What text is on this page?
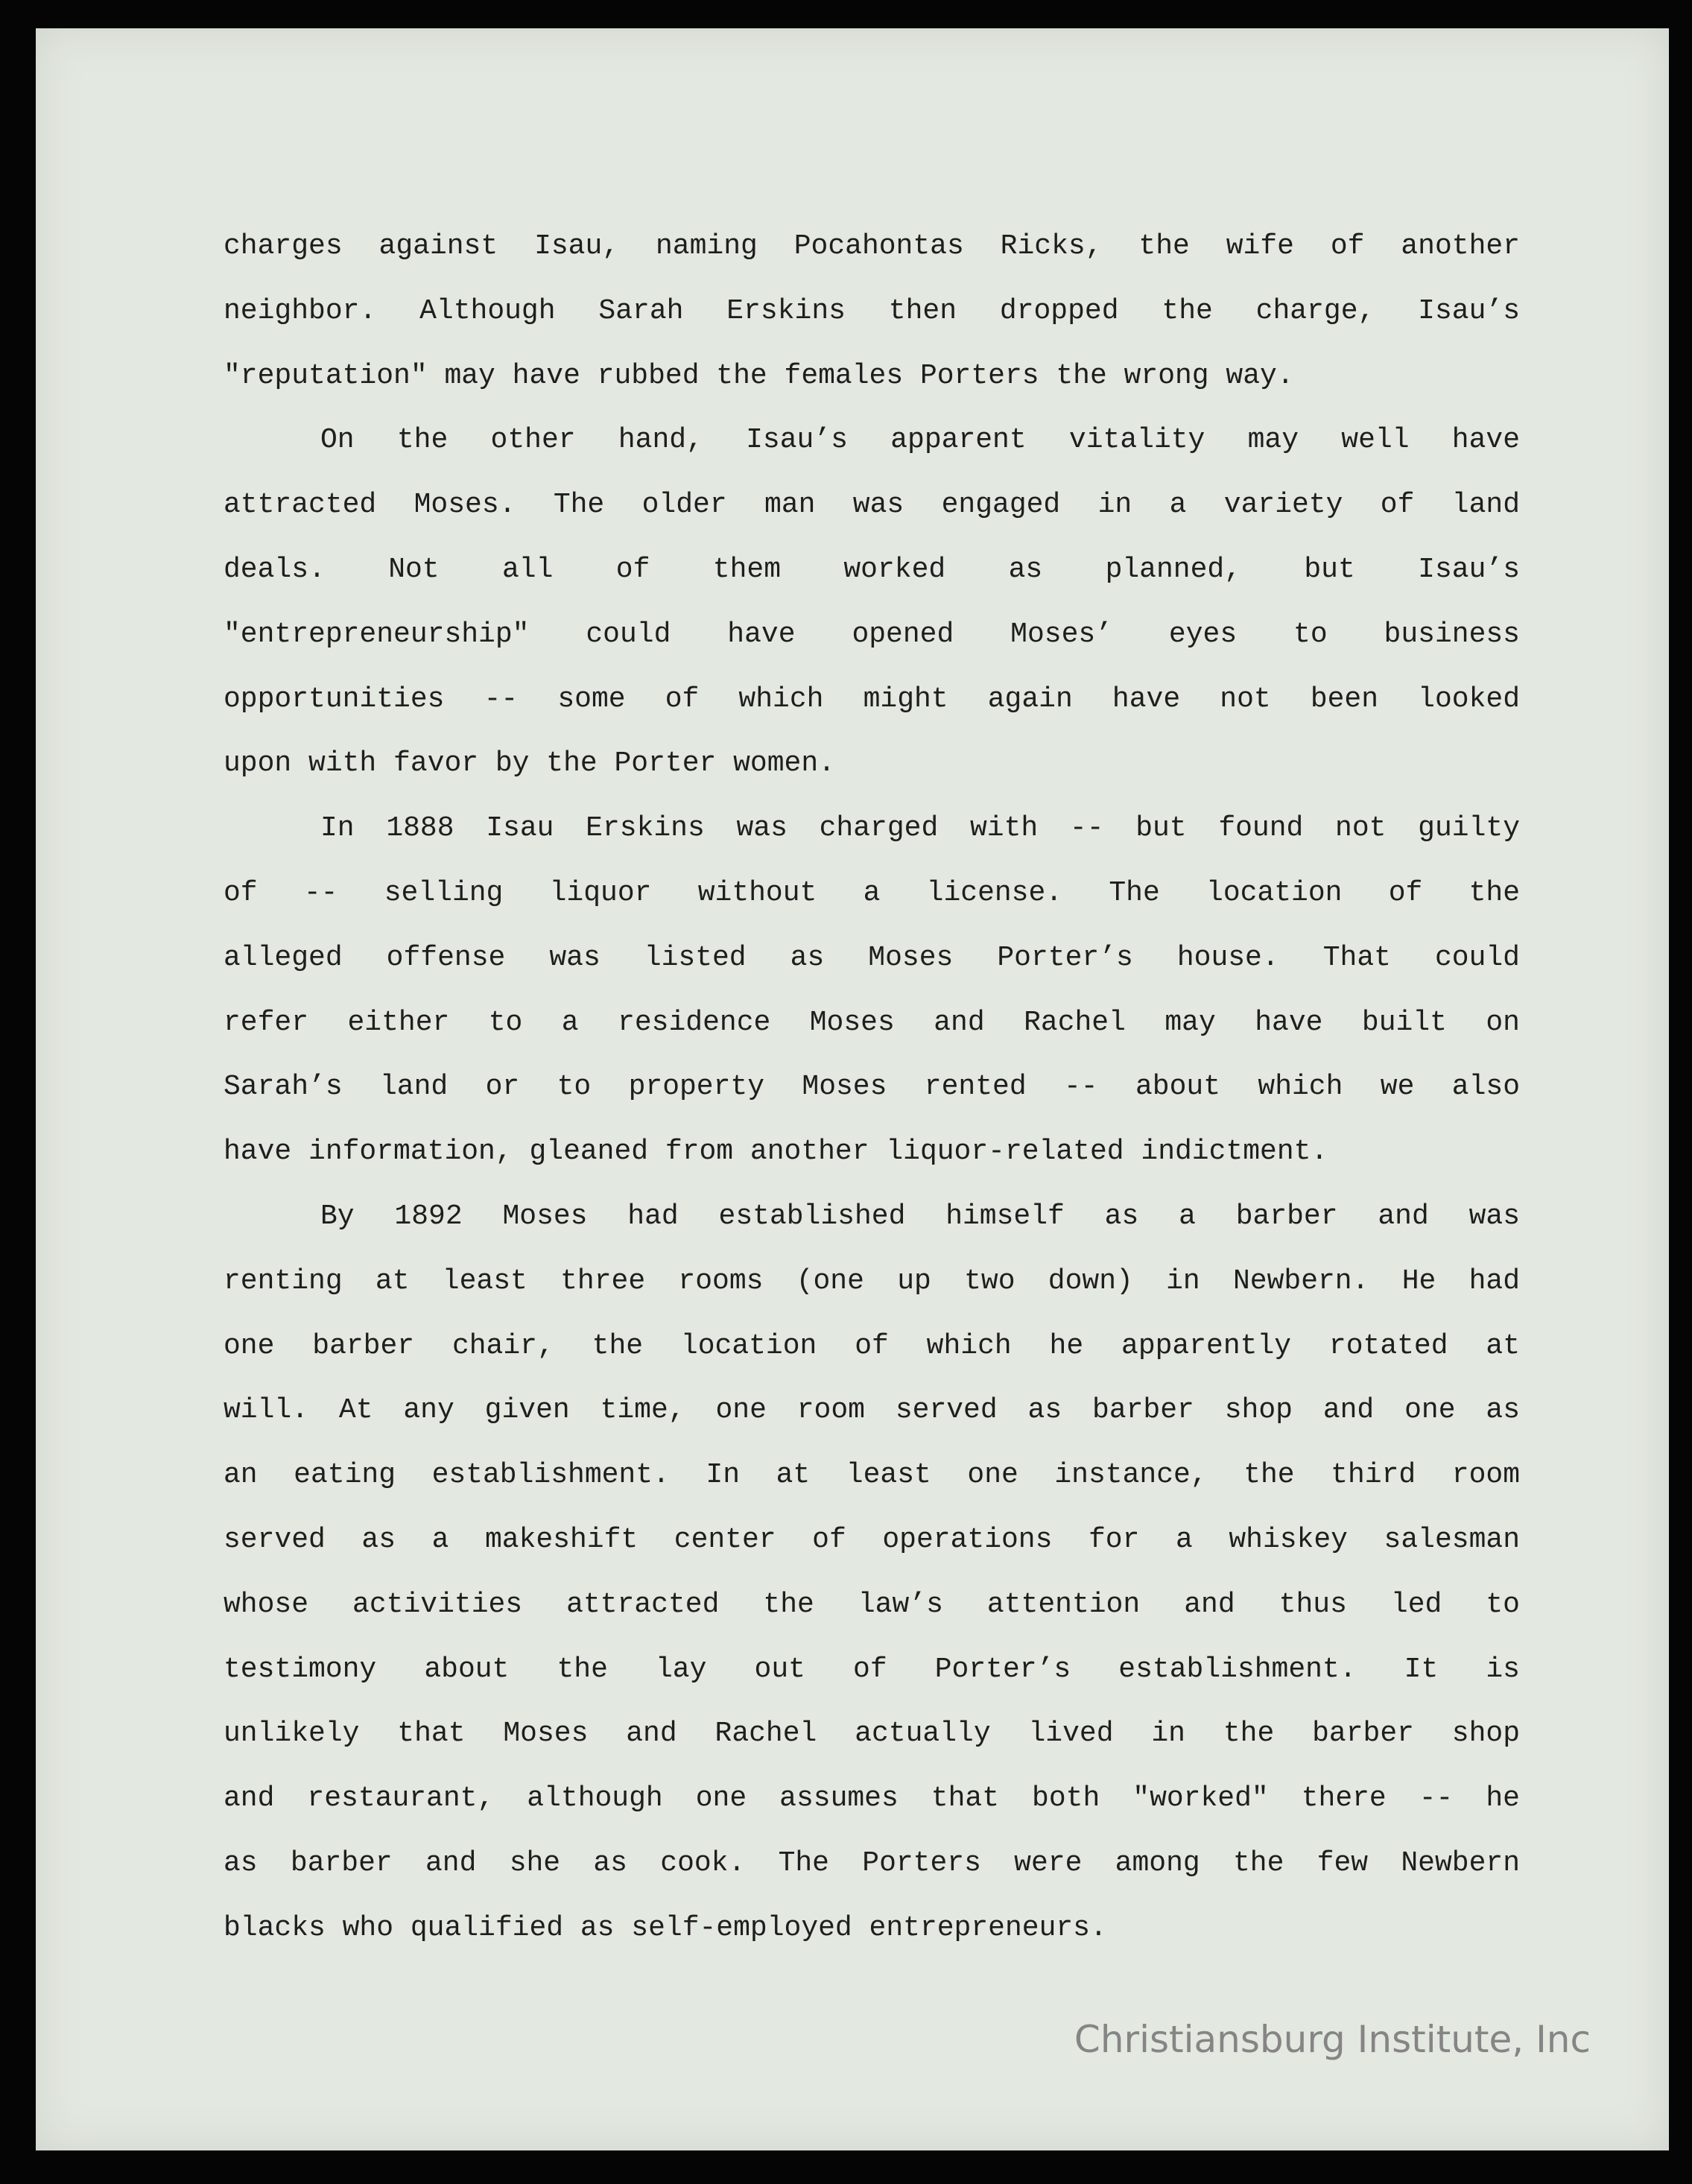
charges against Isau, naming Pocahontas Ricks, the wife of another
neighbor. Although Sarah Erskins then dropped the charge, Isau’s
"reputation" may have rubbed the females Porters the wrong way.
On the other hand, Isau’s apparent vitality may well have
attracted Moses. The older man was engaged in a variety of land
deals. Not all of them worked as planned, but Isau’s
"entrepreneurship" could have opened Moses’ eyes to business
opportunities -- some of which might again have not been looked
upon with favor by the Porter women.
In 1888 Isau Erskins was charged with -- but found not guilty
of -- selling liquor without a license. The location of the
alleged offense was listed as Moses Porter’s house. That could
refer either to a residence Moses and Rachel may have built on
Sarah’s land or to property Moses rented -- about which we also
have information, gleaned from another liquor-related indictment.
By 1892 Moses had established himself as a barber and was
renting at least three rooms (one up two down) in Newbern. He had
one barber chair, the location of which he apparently rotated at
will. At any given time, one room served as barber shop and one as
an eating establishment. In at least one instance, the third room
served as a makeshift center of operations for a whiskey salesman
whose activities attracted the law’s attention and thus led to
testimony about the lay out of Porter’s establishment. It is
unlikely that Moses and Rachel actually lived in the barber shop
and restaurant, although one assumes that both "worked" there -- he
as barber and she as cook. The Porters were among the few Newbern
blacks who qualified as self-employed entrepreneurs.
Christiansburg Institute, Inc
